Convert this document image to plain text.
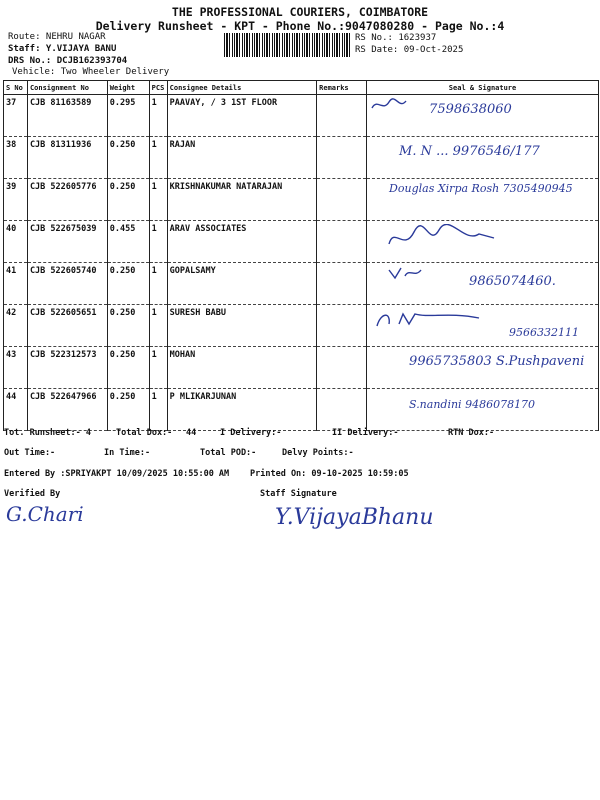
THE PROFESSIONAL COURIERS, COIMBATORE
Delivery Runsheet - KPT - Phone No.:9047080280 - Page No.:4
Route: NEHRU NAGAR
Staff: Y.VIJAYA BANU
DRS No.: DCJB162393704
Vehicle: Two Wheeler Delivery
RS No.: 1623937
RS Date: 09-Oct-2025
S No	Consignment No	Weight	PCS	Consignee Details	Remarks	Seal & Signature
37	CJB 81163589	0.295	1	PAAVAY, / 3 1ST FLOOR		7598638060

38	CJB 81311936	0.250	1	RAJAN		M. N ... 9976546/177

39	CJB 522605776	0.250	1	KRISHNAKUMAR NATARAJAN		Douglas Xirpa Rosh 7305490945

40	CJB 522675039	0.455	1	ARAV ASSOCIATES		

41	CJB 522605740	0.250	1	GOPALSAMY		9865074460.

42	CJB 522605651	0.250	1	SURESH BABU		9566332111

43	CJB 522312573	0.250	1	MOHAN		9965735803 S.Pushpaveni

44	CJB 522647966	0.250	1	P MLIKARJUNAN		S.nandini 9486078170
Tot. Runsheet:- 4	Total Dox:- 44	I Delivery:-	II Delivery:-	RTN Dox:-
Out Time:-	In Time:-	Total POD:-	Delvy Points:-
Entered By :SPRIYAKPT 10/09/2025 10:55:00 AM Printed On: 09-10-2025 10:59:05
Verified By	Staff Signature
G.Chari	Y.VijayaBhanu
